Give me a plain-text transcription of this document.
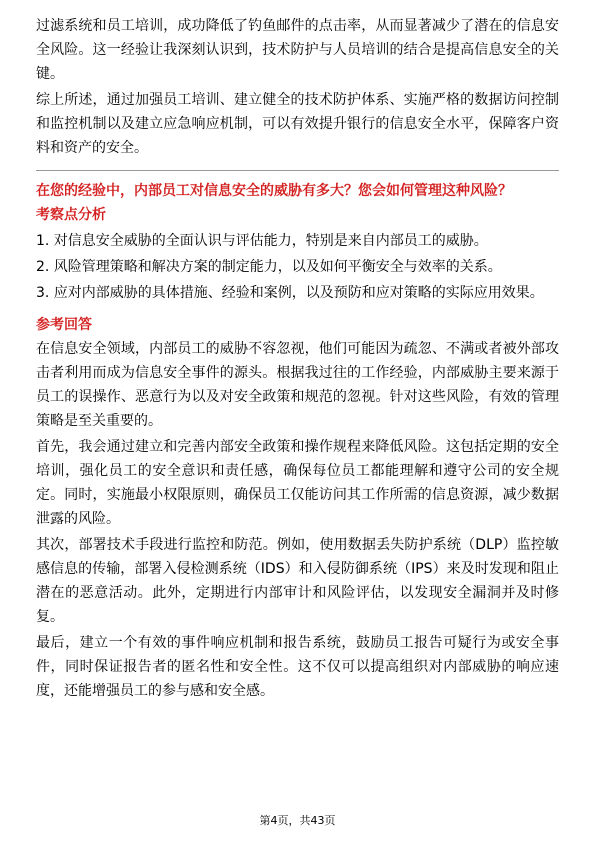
过滤系统和员工培训，成功降低了钓鱼邮件的点击率，从而显著减少了潜在的信息安全风险。这一经验让我深刻认识到，技术防护与人员培训的结合是提高信息安全的关键。

综上所述，通过加强员工培训、建立健全的技术防护体系、实施严格的数据访问控制和监控机制以及建立应急响应机制，可以有效提升银行的信息安全水平，保障客户资料和资产的安全。

在您的经验中，内部员工对信息安全的威胁有多大？您会如何管理这种风险？

考察点分析

1. 对信息安全威胁的全面认识与评估能力，特别是来自内部员工的威胁。

2. 风险管理策略和解决方案的制定能力，以及如何平衡安全与效率的关系。

3. 应对内部威胁的具体措施、经验和案例，以及预防和应对策略的实际应用效果。

参考回答

在信息安全领域，内部员工的威胁不容忽视，他们可能因为疏忽、不满或者被外部攻击者利用而成为信息安全事件的源头。根据我过往的工作经验，内部威胁主要来源于员工的误操作、恶意行为以及对安全政策和规范的忽视。针对这些风险，有效的管理策略是至关重要的。

首先，我会通过建立和完善内部安全政策和操作规程来降低风险。这包括定期的安全培训，强化员工的安全意识和责任感，确保每位员工都能理解和遵守公司的安全规定。同时，实施最小权限原则，确保员工仅能访问其工作所需的信息资源，减少数据泄露的风险。

其次，部署技术手段进行监控和防范。例如，使用数据丢失防护系统（DLP）监控敏感信息的传输，部署入侵检测系统（IDS）和入侵防御系统（IPS）来及时发现和阻止潜在的恶意活动。此外，定期进行内部审计和风险评估，以发现安全漏洞并及时修复。

最后，建立一个有效的事件响应机制和报告系统，鼓励员工报告可疑行为或安全事件，同时保证报告者的匿名性和安全性。这不仅可以提高组织对内部威胁的响应速度，还能增强员工的参与感和安全感。

第4页，共43页
